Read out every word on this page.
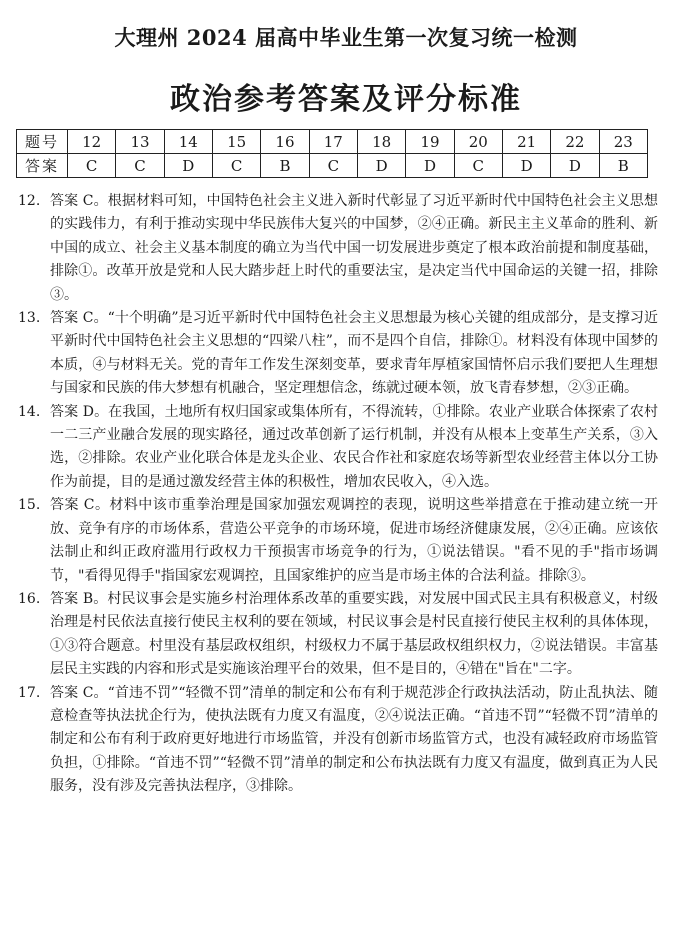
大理州 2024 届高中毕业生第一次复习统一检测
政治参考答案及评分标准
题号	12	13	14	15	16	17	18	19	20	21	22	23
答案	C	C	D	C	B	C	D	D	C	D	D	B
12. 答案 C。根据材料可知，中国特色社会主义进入新时代彰显了习近平新时代中国特色社会主义思想的实践伟力，有利于推动实现中华民族伟大复兴的中国梦，②④正确。新民主主义革命的胜利、新中国的成立、社会主义基本制度的确立为当代中国一切发展进步奠定了根本政治前提和制度基础，排除①。改革开放是党和人民大踏步赶上时代的重要法宝，是决定当代中国命运的关键一招，排除③。
13. 答案 C。“十个明确”是习近平新时代中国特色社会主义思想最为核心关键的组成部分，是支撑习近平新时代中国特色社会主义思想的“四梁八柱”，而不是四个自信，排除①。材料没有体现中国梦的本质，④与材料无关。党的青年工作发生深刻变革，要求青年厚植家国情怀启示我们要把人生理想与国家和民族的伟大梦想有机融合，坚定理想信念，练就过硬本领，放飞青春梦想，②③正确。
14. 答案 D。在我国，土地所有权归国家或集体所有，不得流转，①排除。农业产业联合体探索了农村一二三产业融合发展的现实路径，通过改革创新了运行机制，并没有从根本上变革生产关系，③入选，②排除。农业产业化联合体是龙头企业、农民合作社和家庭农场等新型农业经营主体以分工协作为前提，目的是通过激发经营主体的积极性，增加农民收入，④入选。
15. 答案 C。材料中该市重拳治理是国家加强宏观调控的表现，说明这些举措意在于推动建立统一开放、竞争有序的市场体系，营造公平竞争的市场环境，促进市场经济健康发展，②④正确。应该依法制止和纠正政府滥用行政权力干预损害市场竞争的行为，①说法错误。"看不见的手"指市场调节，"看得见得手"指国家宏观调控，且国家维护的应当是市场主体的合法利益。排除③。
16. 答案 B。村民议事会是实施乡村治理体系改革的重要实践，对发展中国式民主具有积极意义，村级治理是村民依法直接行使民主权利的要在领域，村民议事会是村民直接行使民主权利的具体体现，①③符合题意。村里没有基层政权组织，村级权力不属于基层政权组织权力，②说法错误。丰富基层民主实践的内容和形式是实施该治理平台的效果，但不是目的，④错在"旨在"二字。
17. 答案 C。“首违不罚”“轻微不罚”清单的制定和公布有利于规范涉企行政执法活动，防止乱执法、随意检查等执法扰企行为，使执法既有力度又有温度，②④说法正确。“首违不罚”“轻微不罚”清单的制定和公布有利于政府更好地进行市场监管，并没有创新市场监管方式，也没有减轻政府市场监管负担，①排除。“首违不罚”“轻微不罚”清单的制定和公布执法既有力度又有温度，做到真正为人民服务，没有涉及完善执法程序，③排除。
